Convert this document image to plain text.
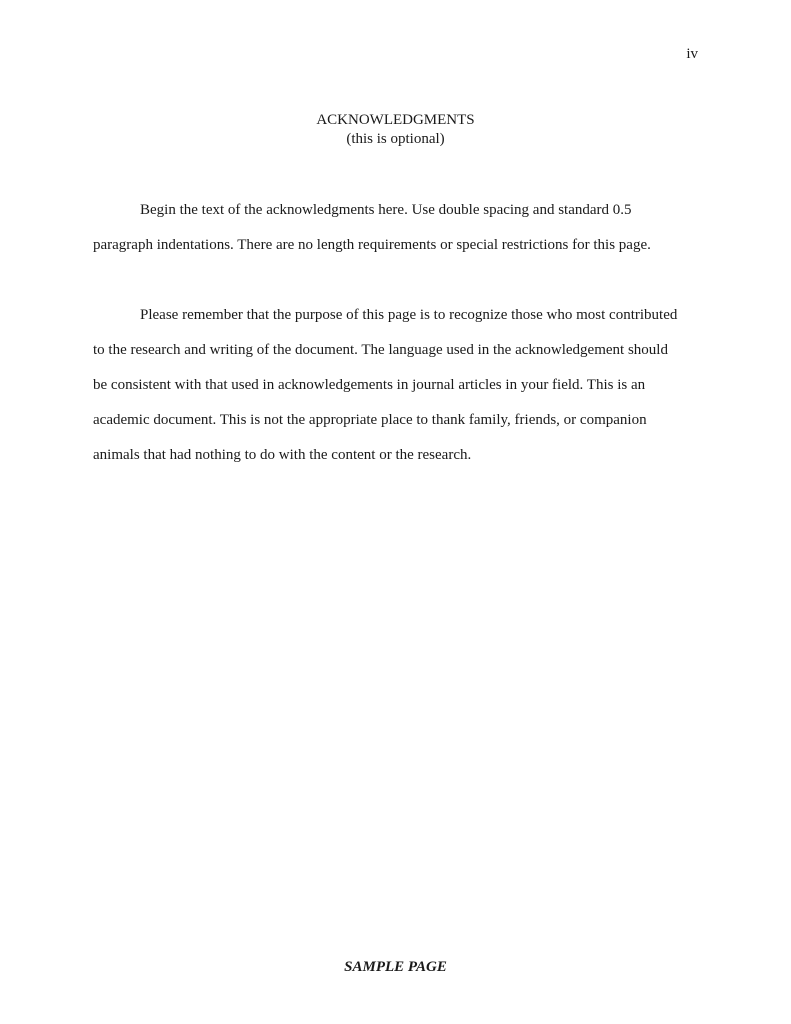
iv
ACKNOWLEDGMENTS
(this is optional)

Begin the text of the acknowledgments here. Use double spacing and standard 0.5
paragraph indentations. There are no length requirements or special restrictions for this page.

Please remember that the purpose of this page is to recognize those who most contributed
to the research and writing of the document. The language used in the acknowledgement should
be consistent with that used in acknowledgements in journal articles in your field. This is an
academic document. This is not the appropriate place to thank family, friends, or companion
animals that had nothing to do with the content or the research.

SAMPLE PAGE
